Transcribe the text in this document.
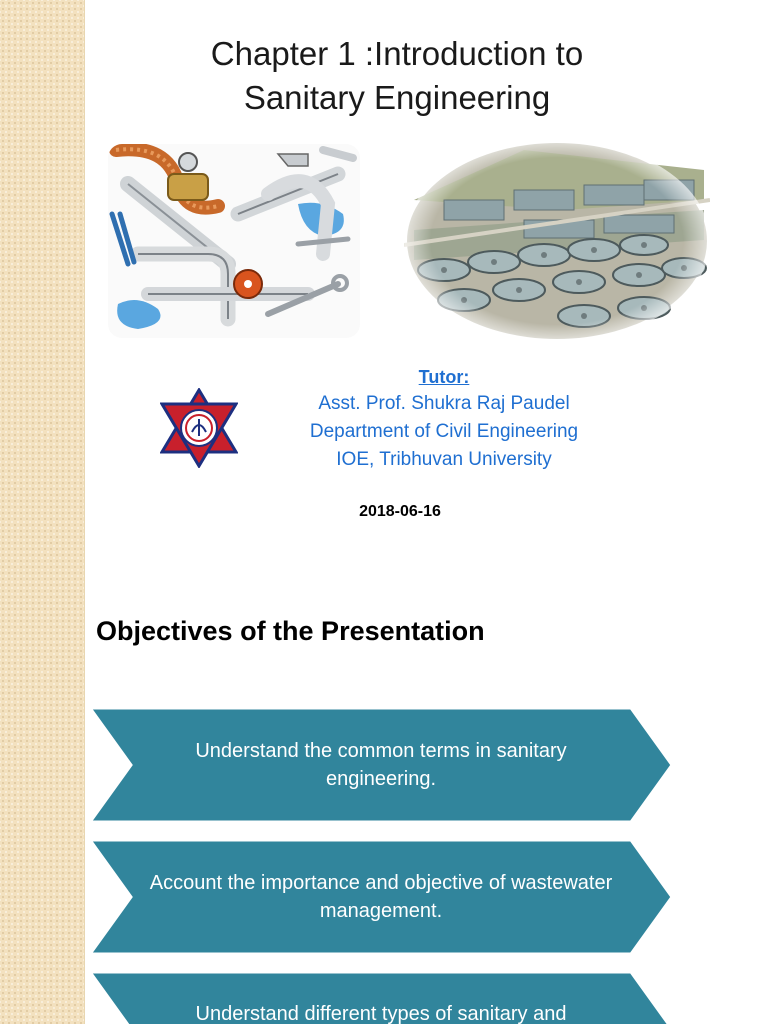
Chapter 1 :Introduction to
Sanitary Engineering
Tutor:
Asst. Prof. Shukra Raj Paudel
Department of Civil Engineering
IOE, Tribhuvan University
2018-06-16
Objectives of the Presentation
Understand the common terms in sanitary engineering.
Account the importance and objective of wastewater management.
Understand different types of sanitary and
